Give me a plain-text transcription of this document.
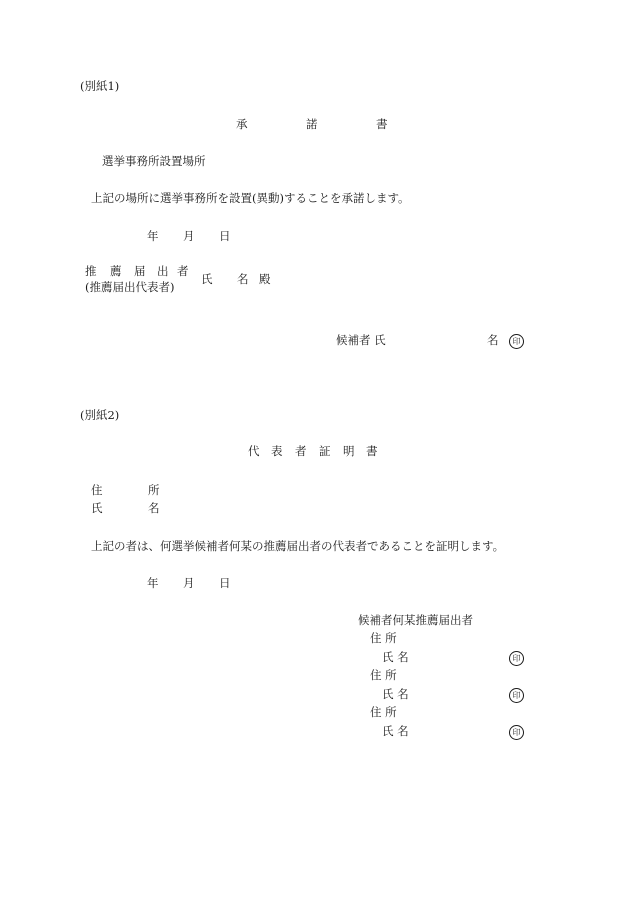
(別紙1)
承	諾	書
選挙事務所設置場所
上記の場所に選挙事務所を設置(異動)することを承諾します。
年 月 日
推 薦 届 出 者
(推薦届出代表者)
氏 名 殿
候補者 氏	名	印
(別紙2)
代 表 者 証 明 書
住	所
氏	名
上記の者は、何選挙候補者何某の推薦届出者の代表者であることを証明します。
年 月 日
候補者何某推薦届出者
住 所
氏 名	印
住 所
氏 名	印
住 所
氏 名	印
